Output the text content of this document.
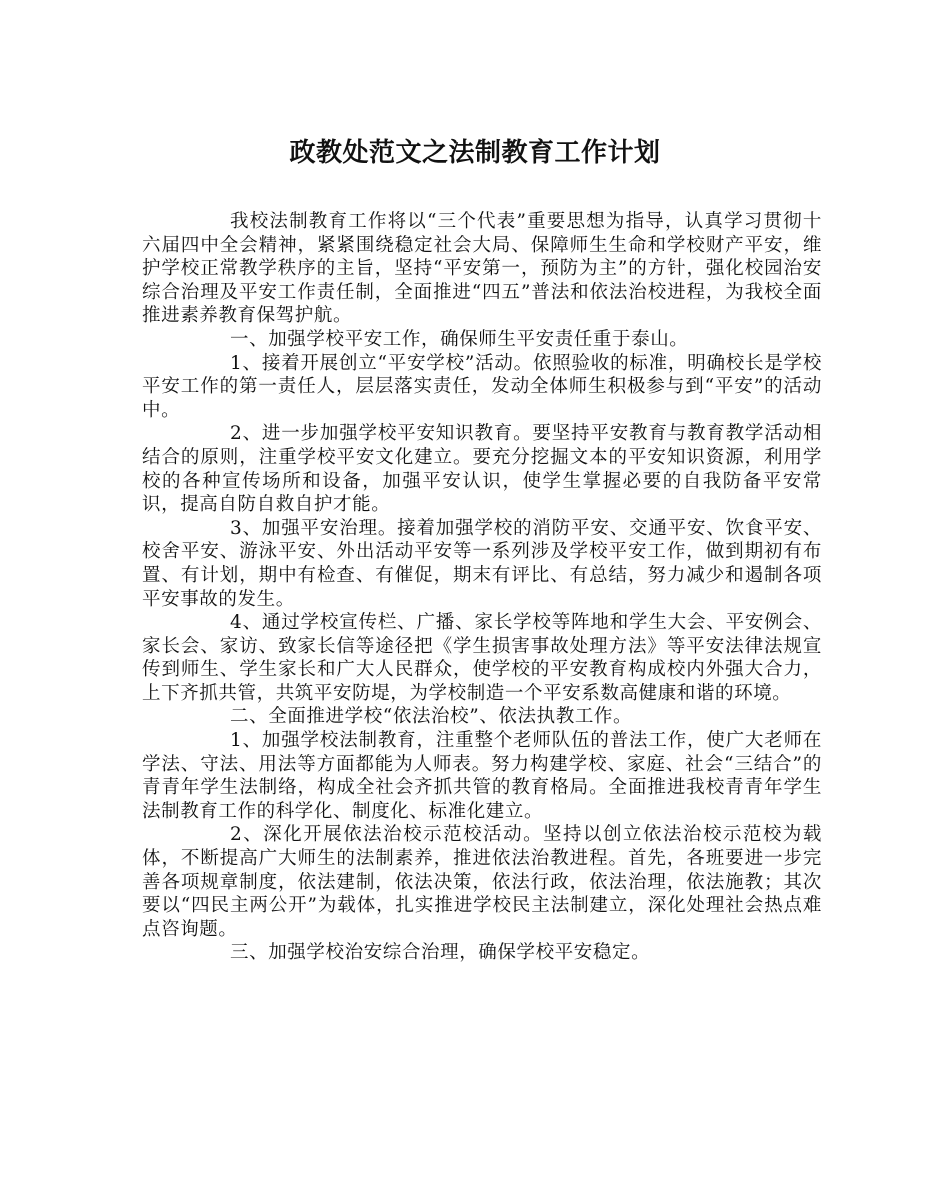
政教处范文之法制教育工作计划

我校法制教育工作将以“三个代表”重要思想为指导，认真学习贯彻十六届四中全会精神，紧紧围绕稳定社会大局、保障师生生命和学校财产平安，维护学校正常教学秩序的主旨，坚持“平安第一，预防为主”的方针，强化校园治安综合治理及平安工作责任制，全面推进“四五”普法和依法治校进程，为我校全面推进素养教育保驾护航。

一、加强学校平安工作，确保师生平安责任重于泰山。

1、接着开展创立“平安学校”活动。依照验收的标准，明确校长是学校平安工作的第一责任人，层层落实责任，发动全体师生积极参与到“平安”的活动中。

2、进一步加强学校平安知识教育。要坚持平安教育与教育教学活动相结合的原则，注重学校平安文化建立。要充分挖掘文本的平安知识资源，利用学校的各种宣传场所和设备，加强平安认识，使学生掌握必要的自我防备平安常识，提高自防自救自护才能。

3、加强平安治理。接着加强学校的消防平安、交通平安、饮食平安、校舍平安、游泳平安、外出活动平安等一系列涉及学校平安工作，做到期初有布置、有计划，期中有检查、有催促，期末有评比、有总结，努力减少和遏制各项平安事故的发生。

4、通过学校宣传栏、广播、家长学校等阵地和学生大会、平安例会、家长会、家访、致家长信等途径把《学生损害事故处理方法》等平安法律法规宣传到师生、学生家长和广大人民群众，使学校的平安教育构成校内外强大合力，上下齐抓共管，共筑平安防堤，为学校制造一个平安系数高健康和谐的环境。

二、全面推进学校“依法治校”、依法执教工作。

1、加强学校法制教育，注重整个老师队伍的普法工作，使广大老师在学法、守法、用法等方面都能为人师表。努力构建学校、家庭、社会“三结合”的青青年学生法制络，构成全社会齐抓共管的教育格局。全面推进我校青青年学生法制教育工作的科学化、制度化、标准化建立。

2、深化开展依法治校示范校活动。坚持以创立依法治校示范校为载体，不断提高广大师生的法制素养，推进依法治教进程。首先，各班要进一步完善各项规章制度，依法建制，依法决策，依法行政，依法治理，依法施教；其次要以“四民主两公开”为载体，扎实推进学校民主法制建立，深化处理社会热点难点咨询题。

三、加强学校治安综合治理，确保学校平安稳定。
